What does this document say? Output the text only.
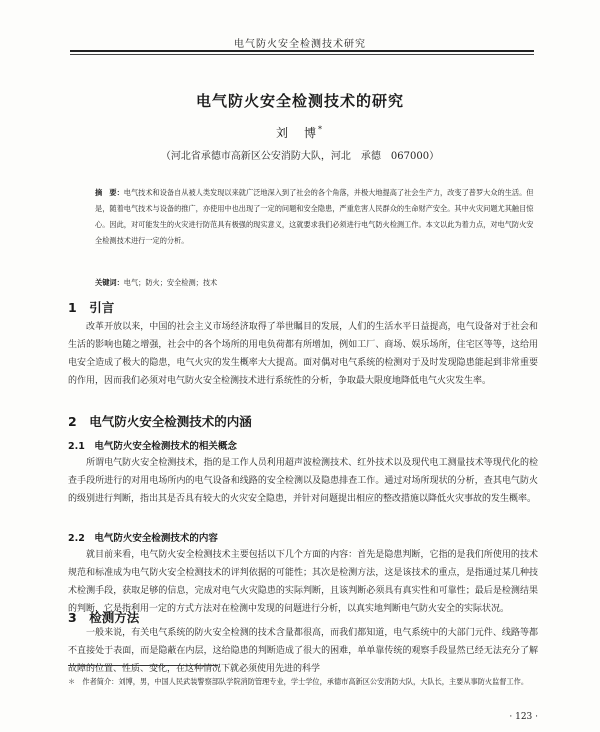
电气防火安全检测技术研究
电气防火安全检测技术的研究
刘　博*
（河北省承德市高新区公安消防大队，河北　承德　067000）
摘　要：电气技术和设备自从被人类发现以来就广泛地深入到了社会的各个角落，并极大地提高了社会生产力，改变了普罗大众的生活。但是，随着电气技术与设备的推广，亦使用中也出现了一定的问题和安全隐患，严重危害人民群众的生命财产安全。其中火灾问题尤其触目惊心。因此，对可能发生的火灾进行防范具有极强的现实意义，这就要求我们必须进行电气防火检测工作。本文以此为着力点，对电气防火安全检测技术进行一定的分析。
关键词：电气；防火；安全检测；技术
1　引言
改革开放以来，中国的社会主义市场经济取得了举世瞩目的发展，人们的生活水平日益提高，电气设备对于社会和生活的影响也随之增强，社会中的各个场所的用电负荷都有所增加，例如工厂、商场、娱乐场所，住宅区等等，这给用电安全造成了极大的隐患，电气火灾的发生概率大大提高。面对偶对电气系统的检测对于及时发现隐患能起到非常重要的作用，因而我们必须对电气防火安全检测技术进行系统性的分析，争取最大限度地降低电气火灾发生率。
2　电气防火安全检测技术的内涵
2.1　电气防火安全检测技术的相关概念
所谓电气防火安全检测技术，指的是工作人员利用超声波检测技术、红外技术以及现代电工测量技术等现代化的检查手段所进行的对用电场所内的电气设备和线路的安全检测以及隐患排查工作。通过对场所现状的分析，查其电气防火的级别进行判断，指出其是否具有较大的火灾安全隐患，并针对问题提出相应的整改措施以降低火灾事故的发生概率。
2.2　电气防火安全检测技术的内容
就目前来看，电气防火安全检测技术主要包括以下几个方面的内容：首先是隐患判断，它指的是我们所使用的技术规范和标准成为电气防火安全检测技术的评判依据的可能性；其次是检测方法，这是该技术的重点，是指通过某几种技术检测手段，获取足够的信息，完成对电气火灾隐患的实际判断，且该判断必须具有真实性和可靠性；最后是检测结果的判断，它是指利用一定的方式方法对在检测中发现的问题进行分析，以真实地判断电气防火安全的实际状况。
3　检测方法
一般来说，有关电气系统的防火安全检测的技术含量都很高，而我们都知道，电气系统中的大部门元件、线路等都不直接处于表面，而是隐蔽在内层，这给隐患的判断造成了很大的困难，单单靠传统的观察手段显然已经无法充分了解故障的位置、性质、变化，在这种情况下就必须使用先进的科学
＊　作者简介：刘博，男，中国人民武装警察部队学院消防管理专业，学士学位，承德市高新区公安消防大队，大队长，主要从事防火监督工作。
· 123 ·
